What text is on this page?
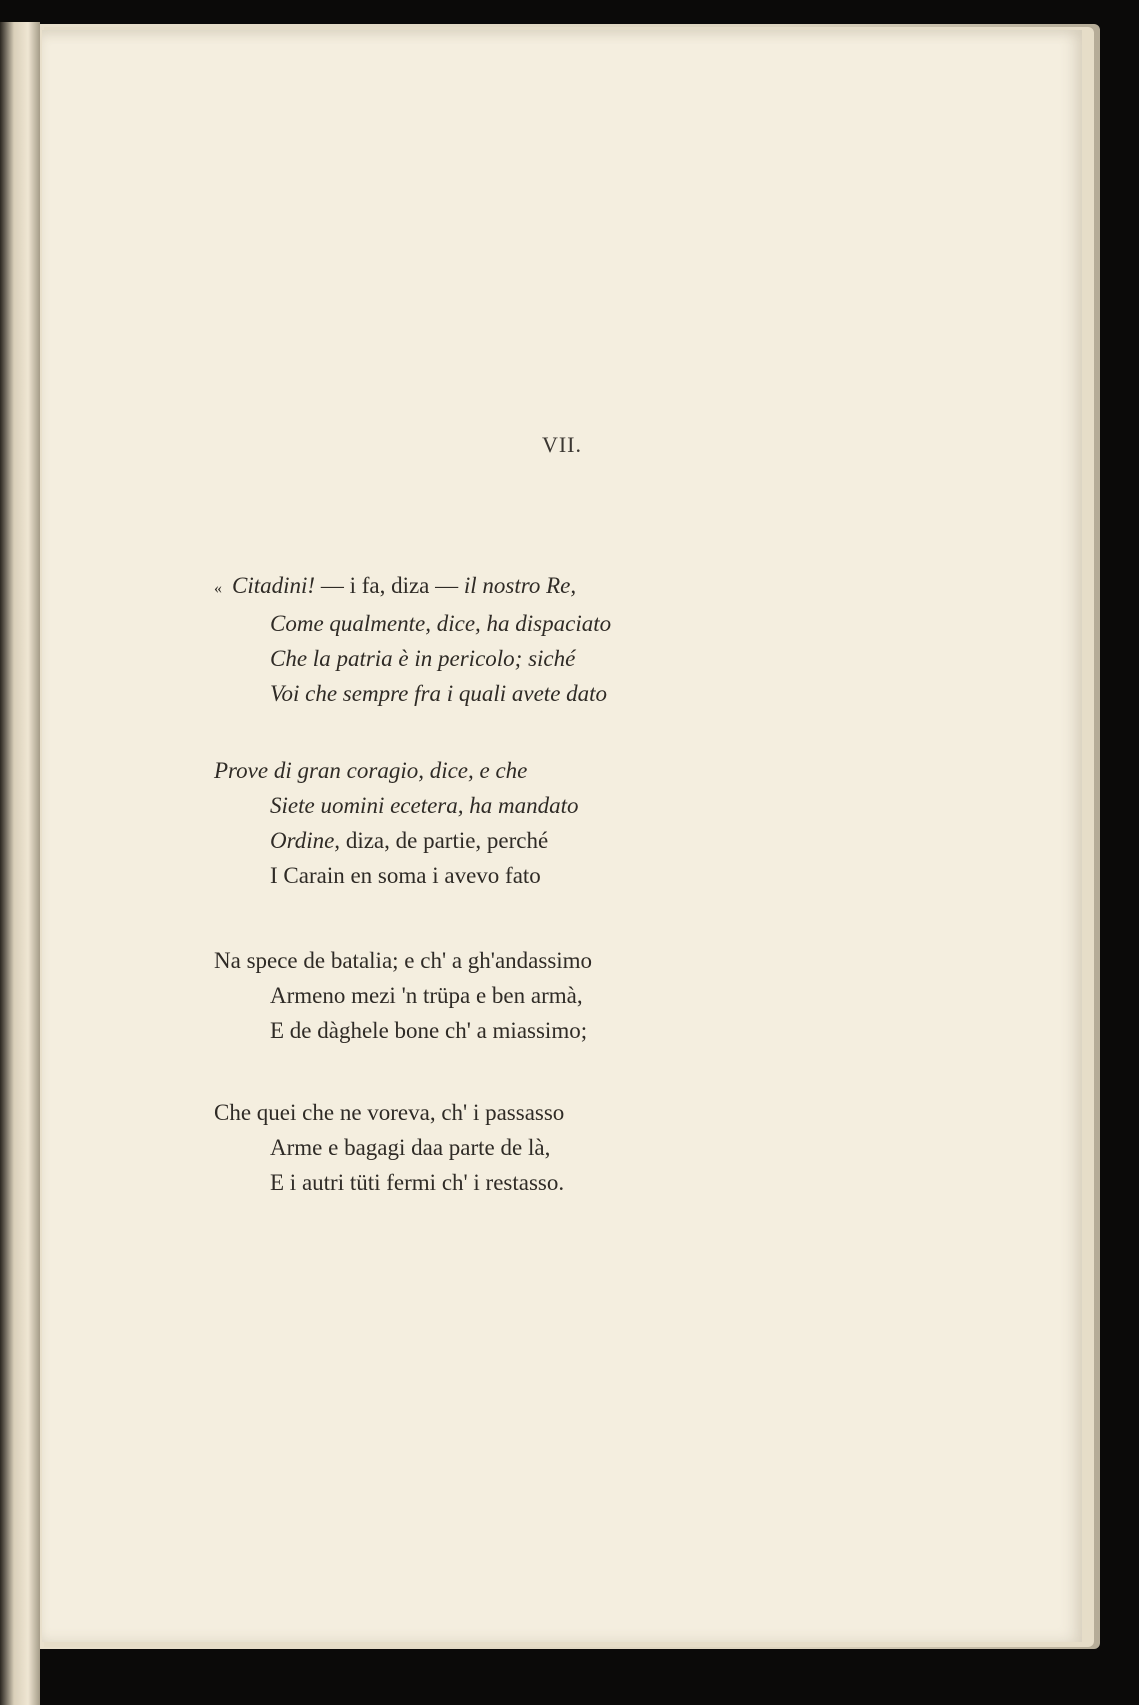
VII.
« Citadini! — i fa, diza — il nostro Re,
Come qualmente, dice, ha dispaciato
Che la patria è in pericolo; siché
Voi che sempre fra i quali avete dato
Prove di gran coragio, dice, e che
Siete uomini ecetera, ha mandato
Ordine, diza, de partie, perché
I Carain en soma i avevo fato
Na spece de batalia; e ch' a gh'andassimo
Armeno mezi 'n trüpa e ben armà,
E de dàghele bone ch' a miassimo;
Che quei che ne voreva, ch' i passasso
Arme e bagagi daa parte de là,
E i autri tüti fermi ch' i restasso.
